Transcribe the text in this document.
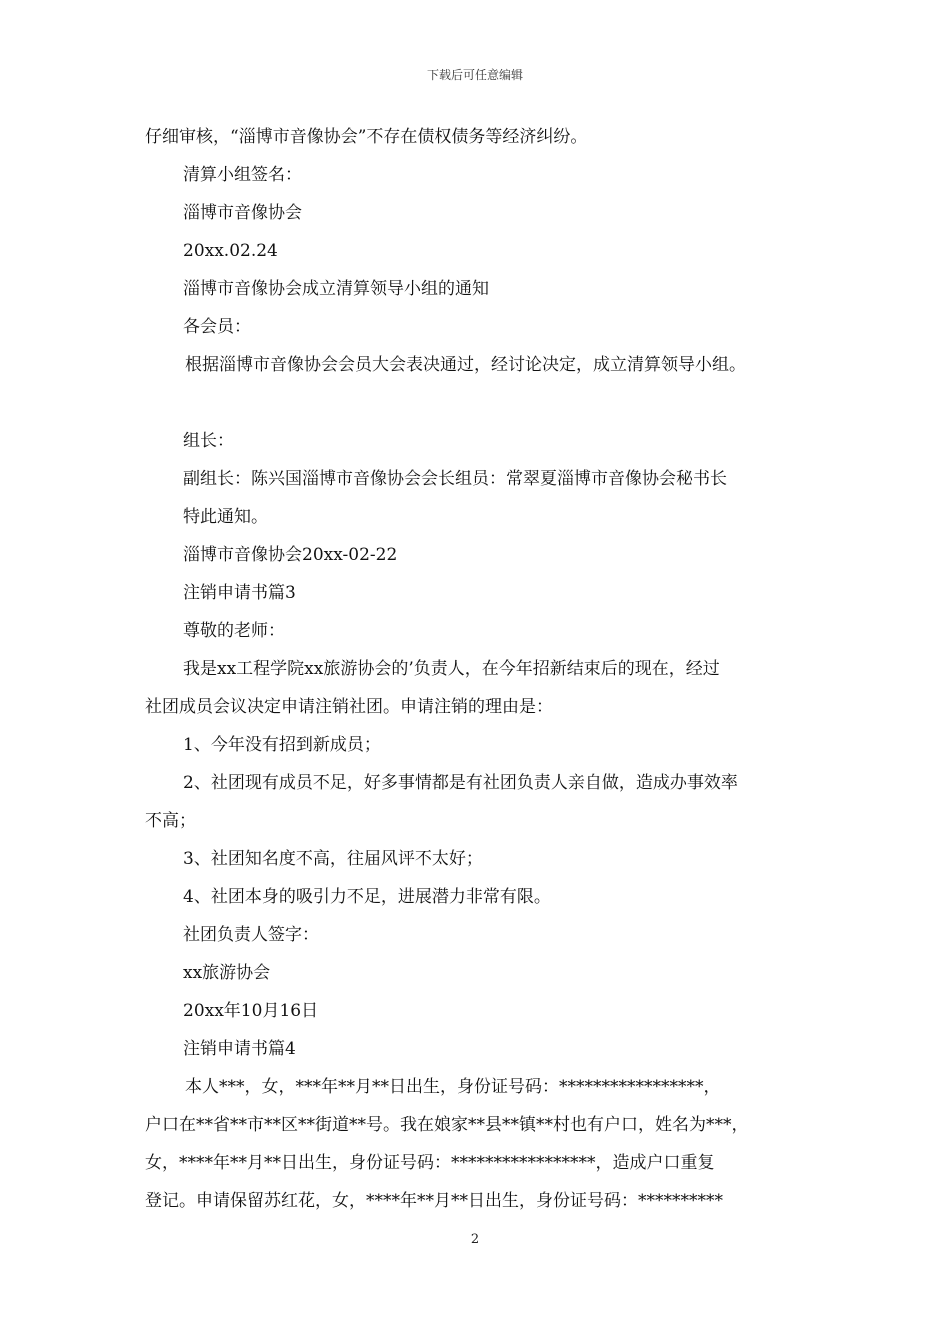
下载后可任意编辑
仔细审核，“淄博市音像协会”不存在债权债务等经济纠纷。
清算小组签名：
淄博市音像协会
20xx.02.24
淄博市音像协会成立清算领导小组的通知
各会员：
根据淄博市音像协会会员大会表决通过，经讨论决定，成立清算领导小组。
组长：
副组长：陈兴国淄博市音像协会会长组员：常翠夏淄博市音像协会秘书长
特此通知。
淄博市音像协会20xx-02-22
注销申请书篇3
尊敬的老师：
我是xx工程学院xx旅游协会的’负责人，在今年招新结束后的现在，经过
社团成员会议决定申请注销社团。申请注销的理由是：
1、今年没有招到新成员；
2、社团现有成员不足，好多事情都是有社团负责人亲自做，造成办事效率
不高；
3、社团知名度不高，往届风评不太好；
4、社团本身的吸引力不足，进展潜力非常有限。
社团负责人签字：
xx旅游协会
20xx年10月16日
注销申请书篇4
本人***，女，***年**月**日出生，身份证号码：*****************，
户口在**省**市**区**街道**号。我在娘家**县**镇**村也有户口，姓名为***，
女，****年**月**日出生，身份证号码：*****************，造成户口重复
登记。申请保留苏红花，女，****年**月**日出生，身份证号码：**********
2
